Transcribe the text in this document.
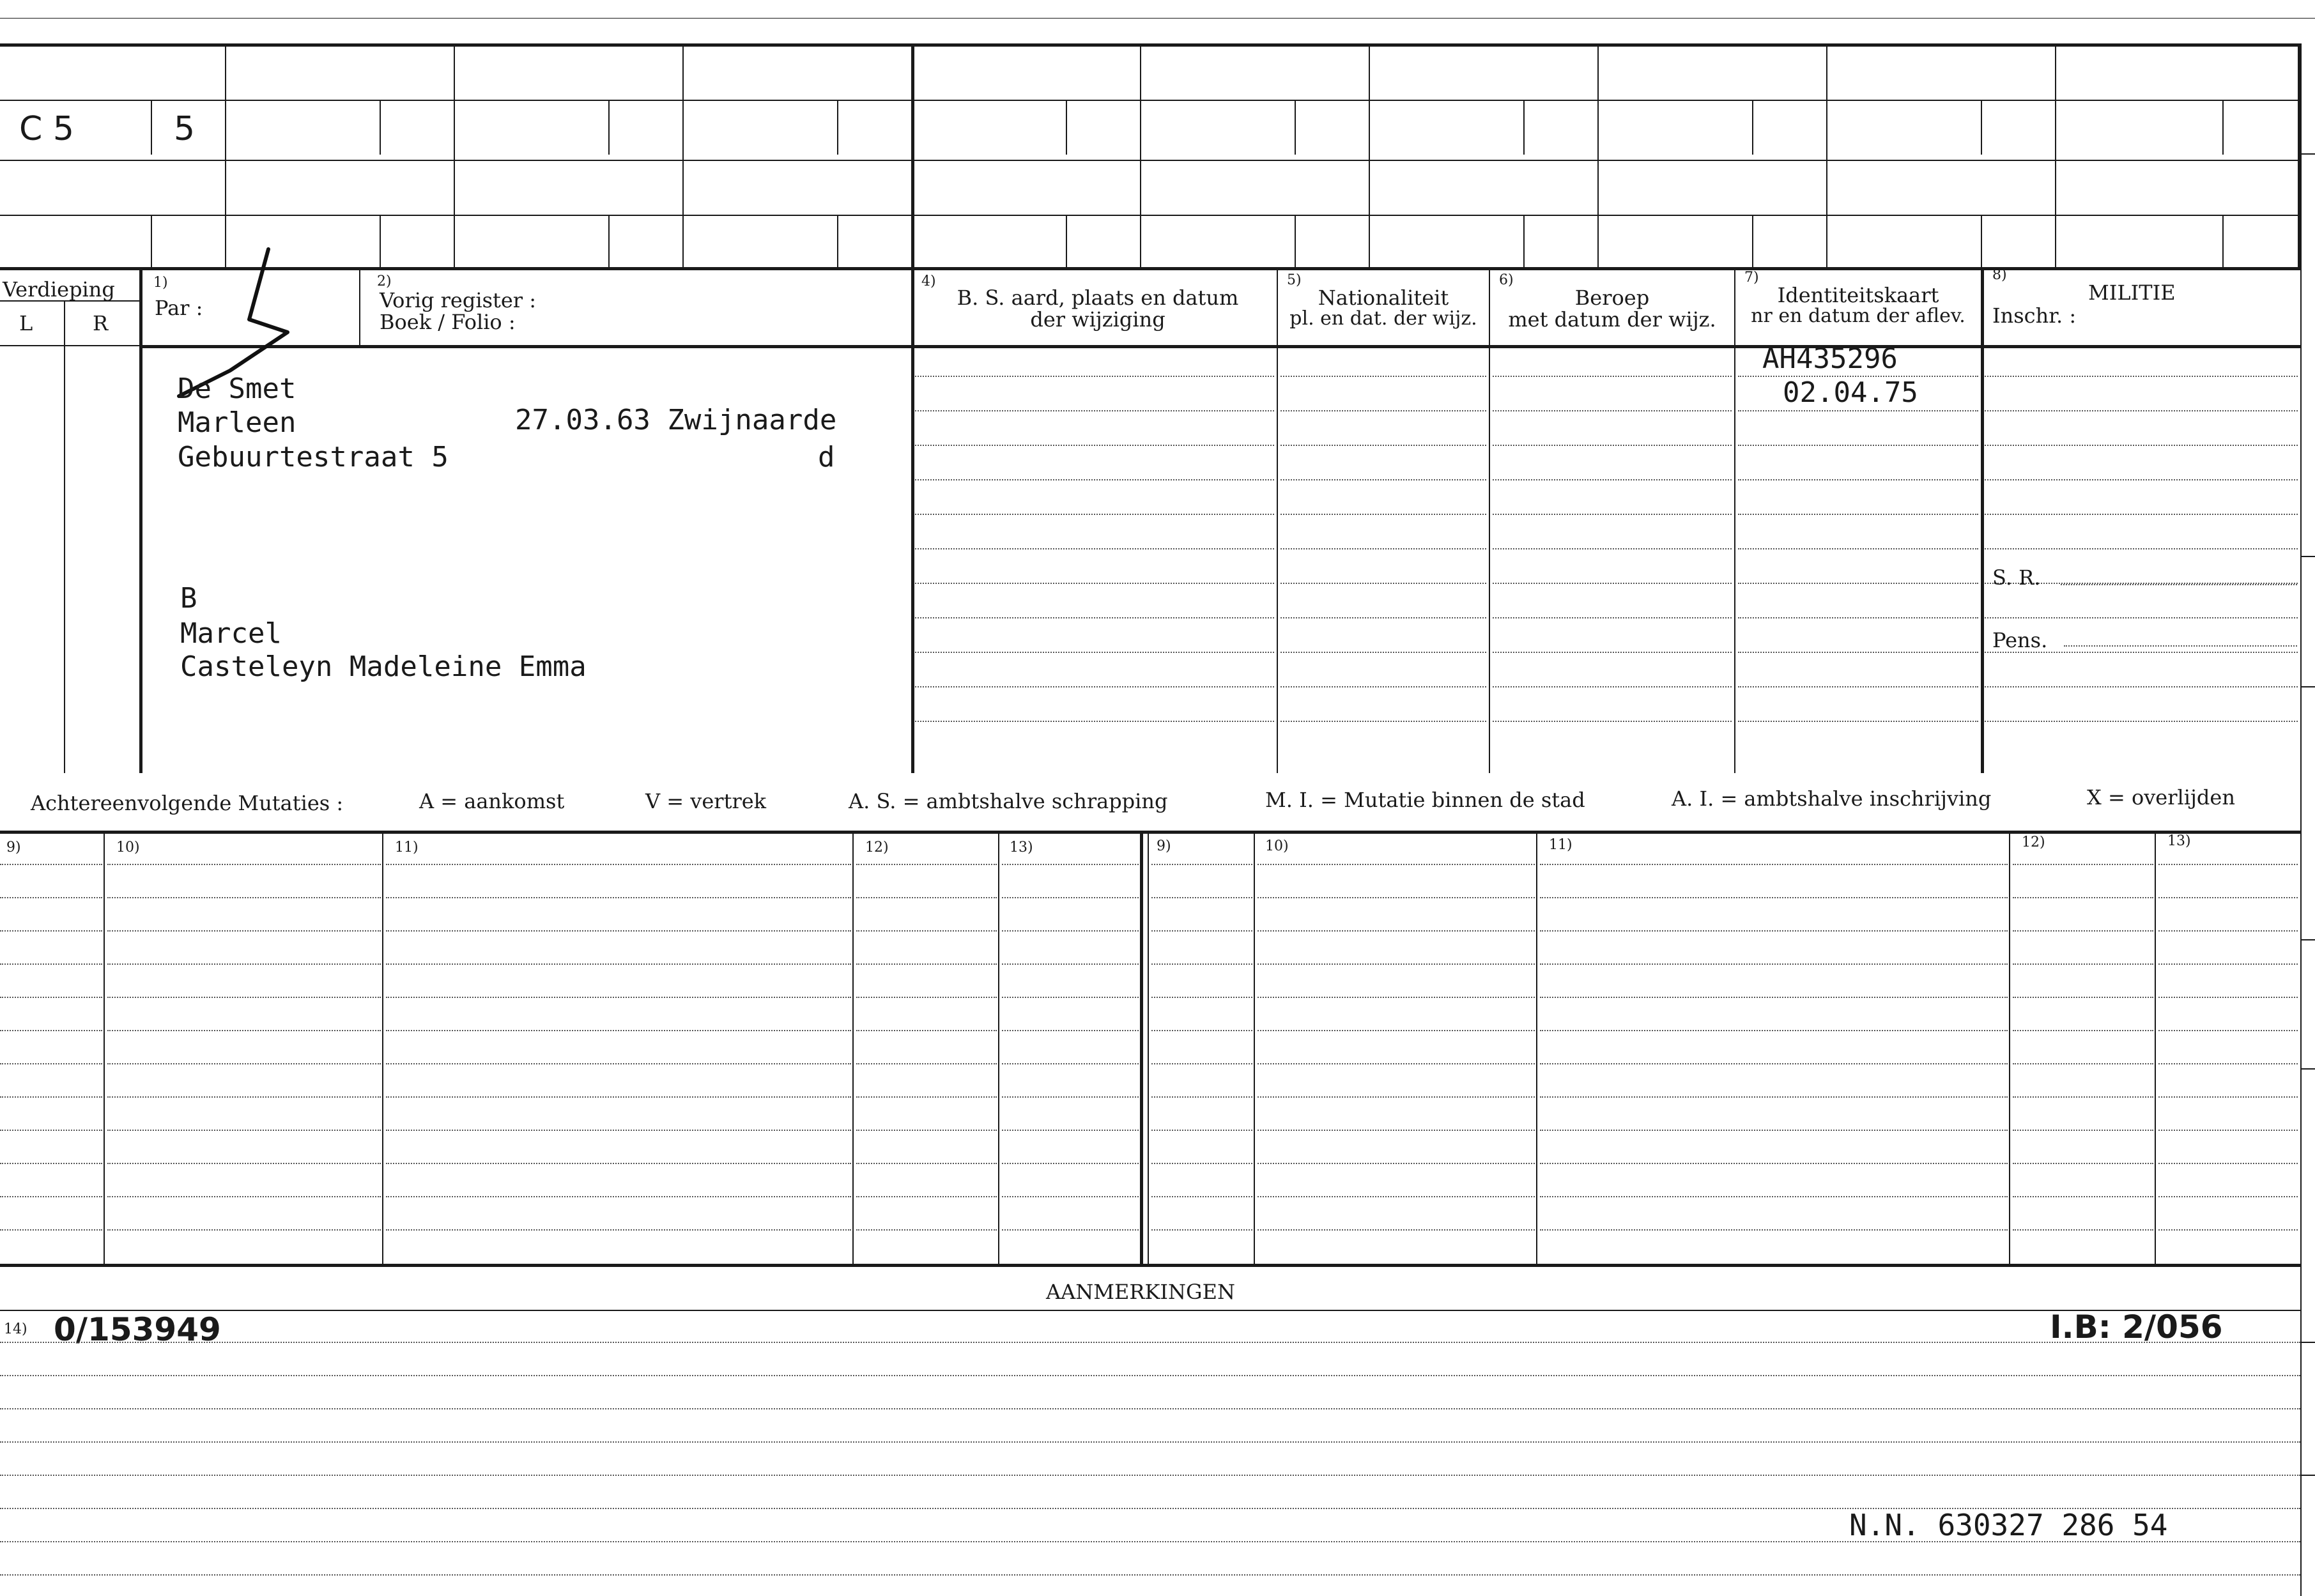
C 5	5
Verdieping
L	R
1)
Par :
2)
Vorig register :
Boek / Folio :
4)
B. S. aard, plaats en datum
der wijziging
5)
Nationaliteit
pl. en dat. der wijz.
6)
Beroep
met datum der wijz.
7)
Identiteitskaart
nr en datum der aflev.
8)
MILITIE
Inschr. :
S. R.
Pens.
De Smet
Marleen	27.03.63 Zwijnaarde
Gebuurtestraat 5	d
B
Marcel
Casteleyn Madeleine Emma
AH435296
02.04.75
Achtereenvolgende Mutaties :	A = aankomst	V = vertrek	A. S. = ambtshalve schrapping	M. I. = Mutatie binnen de stad	A. I. = ambtshalve inschrijving	X = overlijden
9)	10)	11)	12)	13)	9)	10)	11)	12)	13)
AANMERKINGEN
14) 0/153949	I.B: 2/056
N.N. 630327 286 54
